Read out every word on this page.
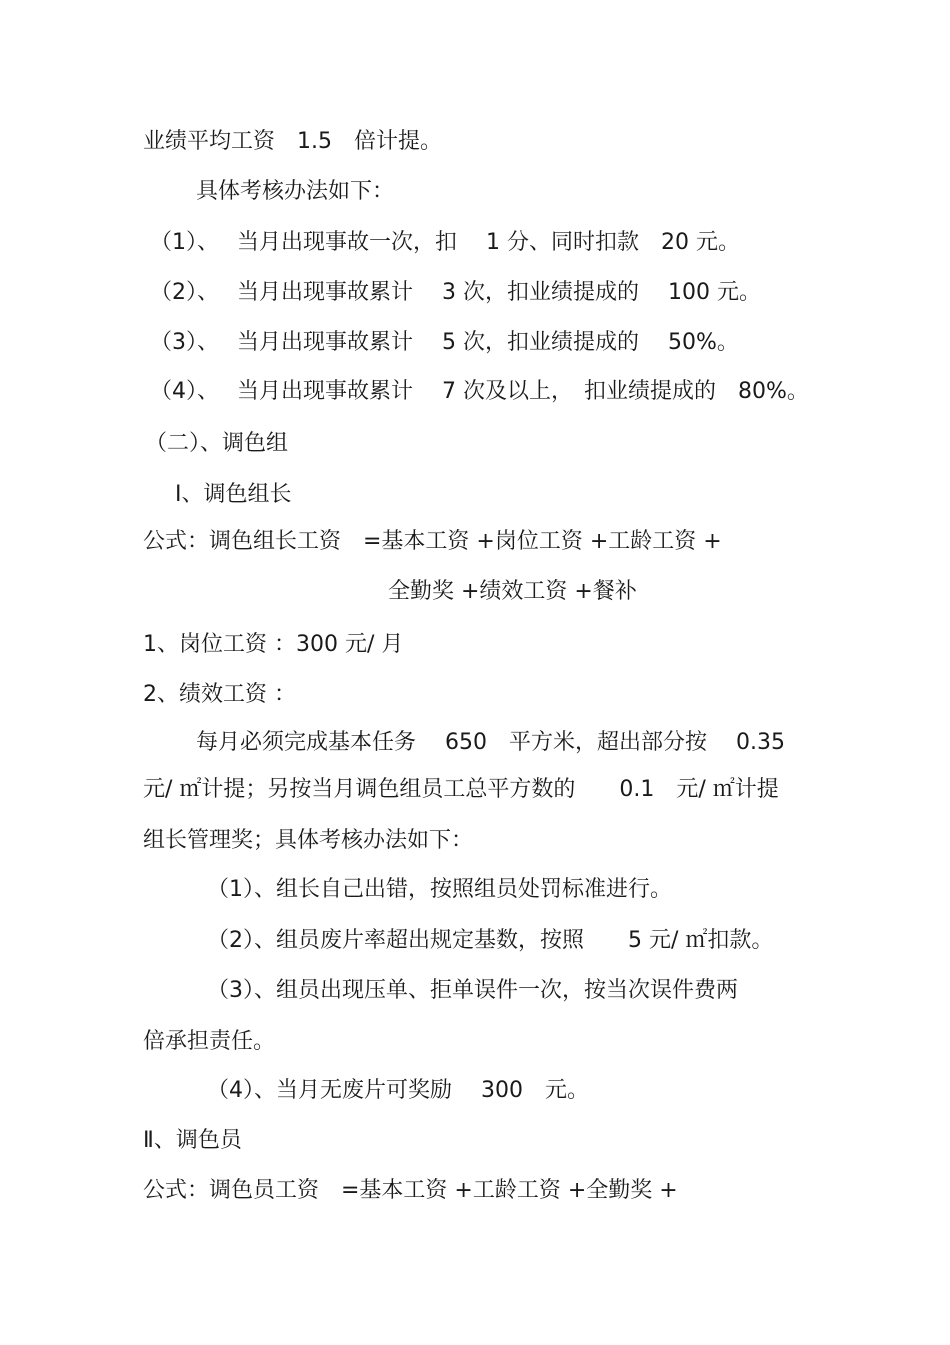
业绩平均工资　1.5　倍计提。
具体考核办法如下：
（1）、　 当月出现事故一次，扣　 1 分、同时扣款　20 元。
（2）、　 当月出现事故累计　 3 次，扣业绩提成的　 100 元。
（3）、　 当月出现事故累计　 5 次，扣业绩提成的　 50%。
（4）、　 当月出现事故累计　 7 次及以上，　扣业绩提成的　80%。
（二）、调色组
Ⅰ、调色组长
公式：调色组长工资　=基本工资 +岗位工资 +工龄工资 +
全勤奖 +绩效工资 +餐补
1、岗位工资 ：300 元/ 月
2、绩效工资 ：
每月必须完成基本任务　 650　平方米，超出部分按　 0.35
元/ ㎡计提；另按当月调色组员工总平方数的　　0.1　元/ ㎡计提
组长管理奖；具体考核办法如下：
（1）、组长自己出错，按照组员处罚标准进行。
（2）、组员废片率超出规定基数，按照　　5 元/ ㎡扣款。
（3）、组员出现压单、拒单误件一次，按当次误件费两
倍承担责任。
（4）、当月无废片可奖励　 300　元。
Ⅱ、调色员
公式：调色员工资　=基本工资 +工龄工资 +全勤奖 +
